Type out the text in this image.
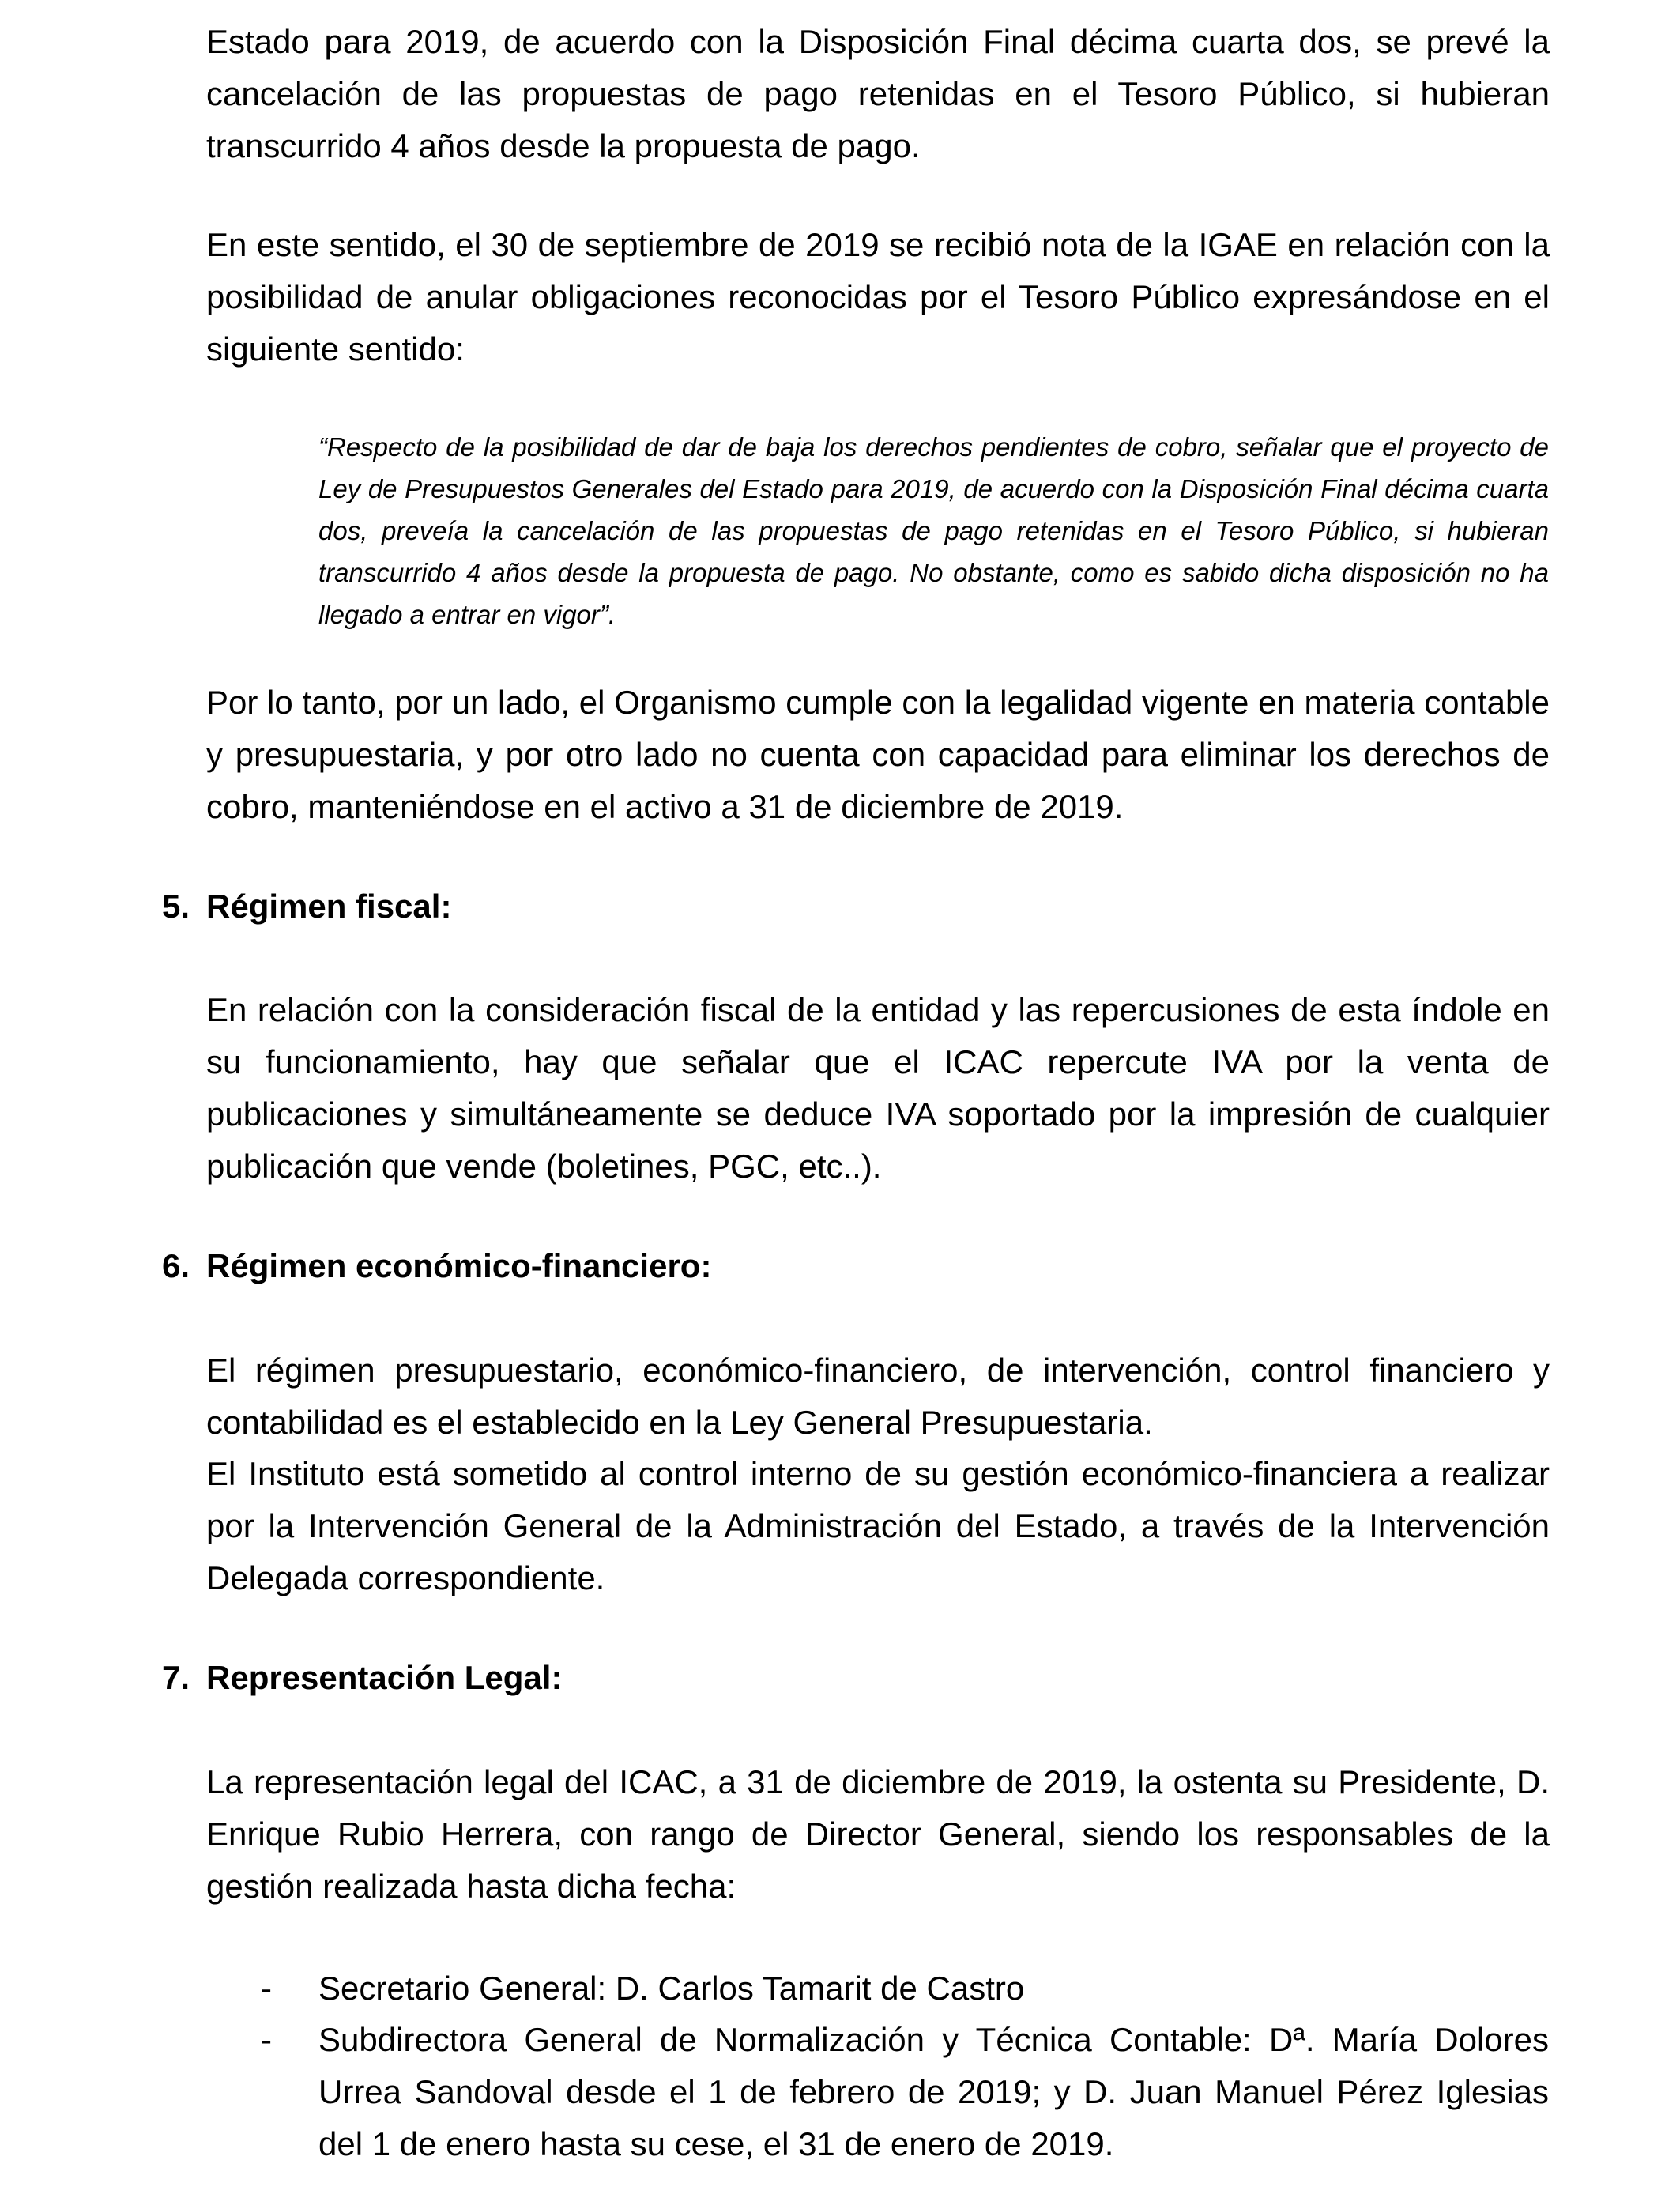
Estado para 2019, de acuerdo con la Disposición Final décima cuarta dos, se prevé la cancelación de las propuestas de pago retenidas en el Tesoro Público, si hubieran transcurrido 4 años desde la propuesta de pago.

En este sentido, el 30 de septiembre de 2019 se recibió nota de la IGAE en relación con la posibilidad de anular obligaciones reconocidas por el Tesoro Público expresándose en el siguiente sentido:

“Respecto de la posibilidad de dar de baja los derechos pendientes de cobro, señalar que el proyecto de Ley de Presupuestos Generales del Estado para 2019, de acuerdo con la Disposición Final décima cuarta dos, preveía la cancelación de las propuestas de pago retenidas en el Tesoro Público, si hubieran transcurrido 4 años desde la propuesta de pago. No obstante, como es sabido dicha disposición no ha llegado a entrar en vigor”.

Por lo tanto, por un lado, el Organismo cumple con la legalidad vigente en materia contable y presupuestaria, y por otro lado no cuenta con capacidad para eliminar los derechos de cobro, manteniéndose en el activo a 31 de diciembre de 2019.

5. Régimen fiscal:

En relación con la consideración fiscal de la entidad y las repercusiones de esta índole en su funcionamiento, hay que señalar que el ICAC repercute IVA por la venta de publicaciones y simultáneamente se deduce IVA soportado por la impresión de cualquier publicación que vende (boletines, PGC, etc..).

6. Régimen económico-financiero:

El régimen presupuestario, económico-financiero, de intervención, control financiero y contabilidad es el establecido en la Ley General Presupuestaria.

El Instituto está sometido al control interno de su gestión económico-financiera a realizar por la Intervención General de la Administración del Estado, a través de la Intervención Delegada correspondiente.

7. Representación Legal:

La representación legal del ICAC, a 31 de diciembre de 2019, la ostenta su Presidente, D. Enrique Rubio Herrera, con rango de Director General, siendo los responsables de la gestión realizada hasta dicha fecha:

- Secretario General: D. Carlos Tamarit de Castro

- Subdirectora General de Normalización y Técnica Contable: Dª. María Dolores Urrea Sandoval desde el 1 de febrero de 2019; y D. Juan Manuel Pérez Iglesias del 1 de enero hasta su cese, el 31 de enero de 2019.
